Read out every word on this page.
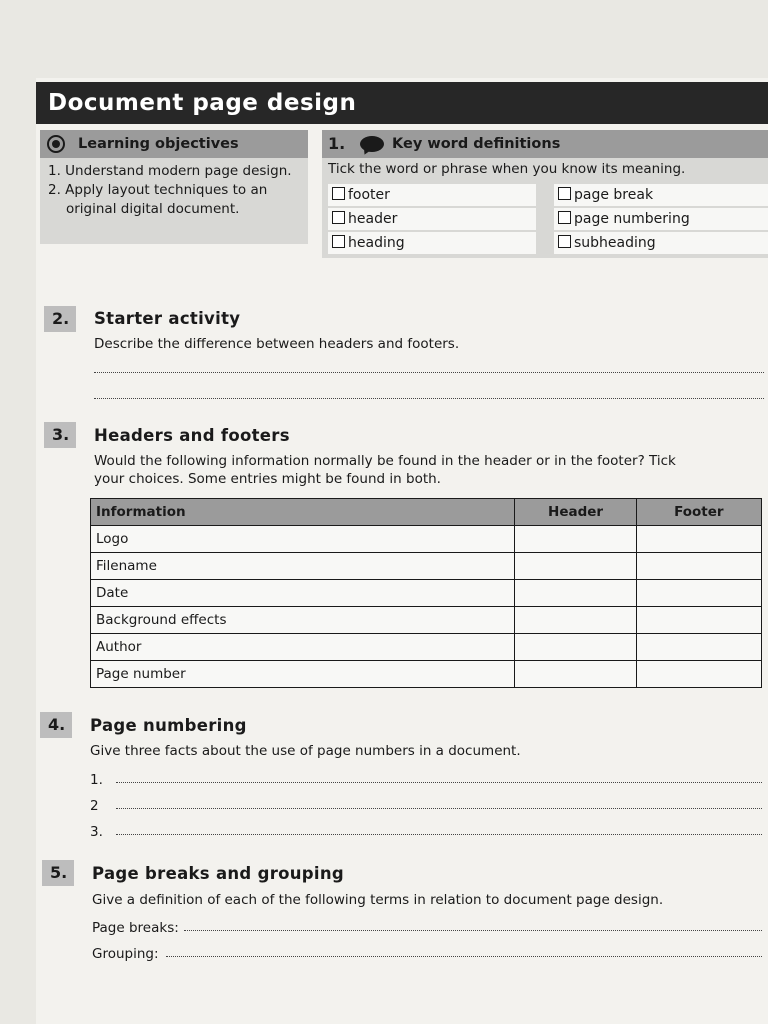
Document page design
Learning objectives
1. Understand modern page design.
2. Apply layout techniques to an original digital document.
1.	Key word definitions
Tick the word or phrase when you know its meaning.
footer	page break
header	page numbering
heading	subheading
2.	Starter activity
Describe the difference between headers and footers.
3.	Headers and footers
Would the following information normally be found in the header or in the footer? Tick
your choices. Some entries might be found in both.
Information	Header	Footer
Logo		
Filename		
Date		
Background effects		
Author		
Page number		
4.	Page numbering
Give three facts about the use of page numbers in a document.
1.
2
3.
5.	Page breaks and grouping
Give a definition of each of the following terms in relation to document page design.
Page breaks:
Grouping:
